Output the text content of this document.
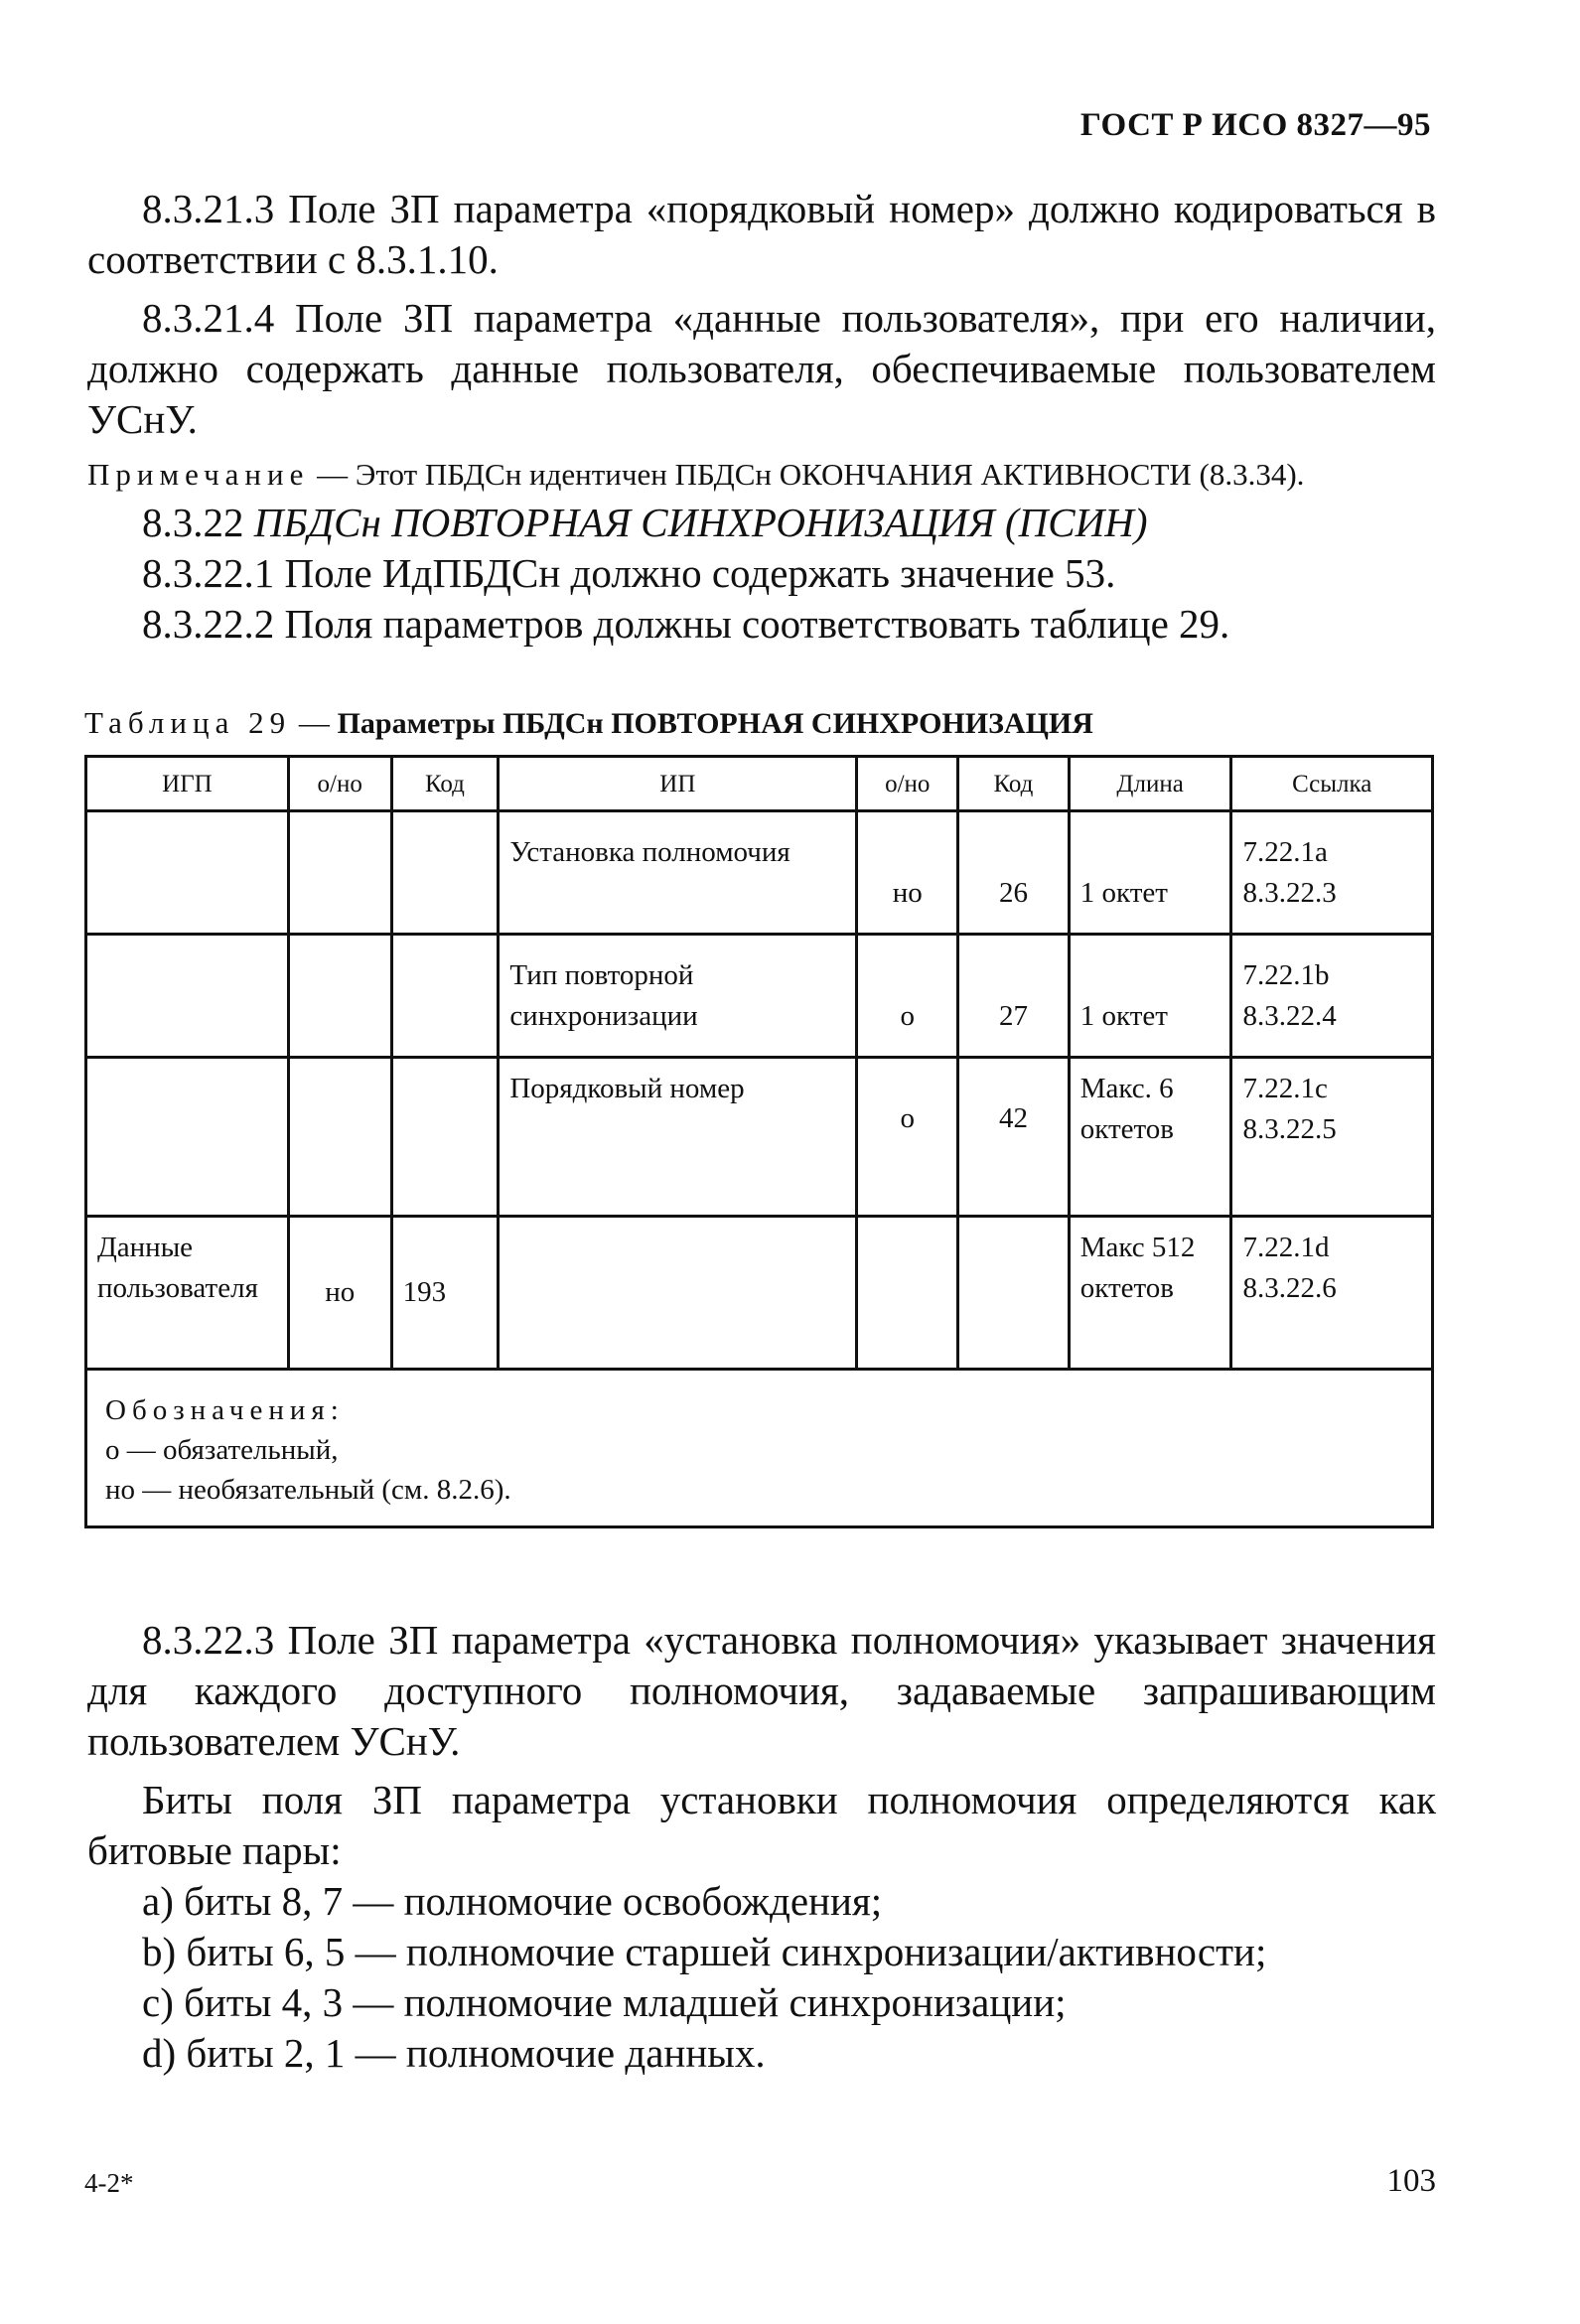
ГОСТ Р ИСО 8327—95

8.3.21.3 Поле ЗП параметра «порядковый номер» должно кодироваться в соответствии с 8.3.1.10.

8.3.21.4 Поле ЗП параметра «данные пользователя», при его наличии, должно содержать данные пользователя, обеспечиваемые пользователем УСнУ.

Примечание — Этот ПБДСн идентичен ПБДСн ОКОНЧАНИЯ АКТИВНОСТИ (8.3.34).

8.3.22 ПБДСн ПОВТОРНАЯ СИНХРОНИЗАЦИЯ (ПСИН)

8.3.22.1 Поле ИдПБДСн должно содержать значение 53.

8.3.22.2 Поля параметров должны соответствовать таблице 29.

Таблица 29 — Параметры ПБДСн ПОВТОРНАЯ СИНХРОНИЗАЦИЯ
ИГП	о/но	Код	ИП	о/но	Код	Длина	Ссылка
			Установка полномочия	но	26	1 октет	7.22.1a 8.3.22.3
			Тип повторной синхронизации	о	27	1 октет	7.22.1b 8.3.22.4
			Порядковый номер	о	42	Макс. 6 октетов	7.22.1c 8.3.22.5
Данные пользователя	но	193				Макс 512 октетов	7.22.1d 8.3.22.6

Обозначения:
о — обязательный,
но — необязательный (см. 8.2.6).							

8.3.22.3 Поле ЗП параметра «установка полномочия» указывает значения для каждого доступного полномочия, задаваемые запрашивающим пользователем УСнУ.

Биты поля ЗП параметра установки полномочия определяются как битовые пары:

а) биты 8, 7 — полномочие освобождения;

b) биты 6, 5 — полномочие старшей синхронизации/активности;

с) биты 4, 3 — полномочие младшей синхронизации;

d) биты 2, 1 — полномочие данных.

4-2*	103
